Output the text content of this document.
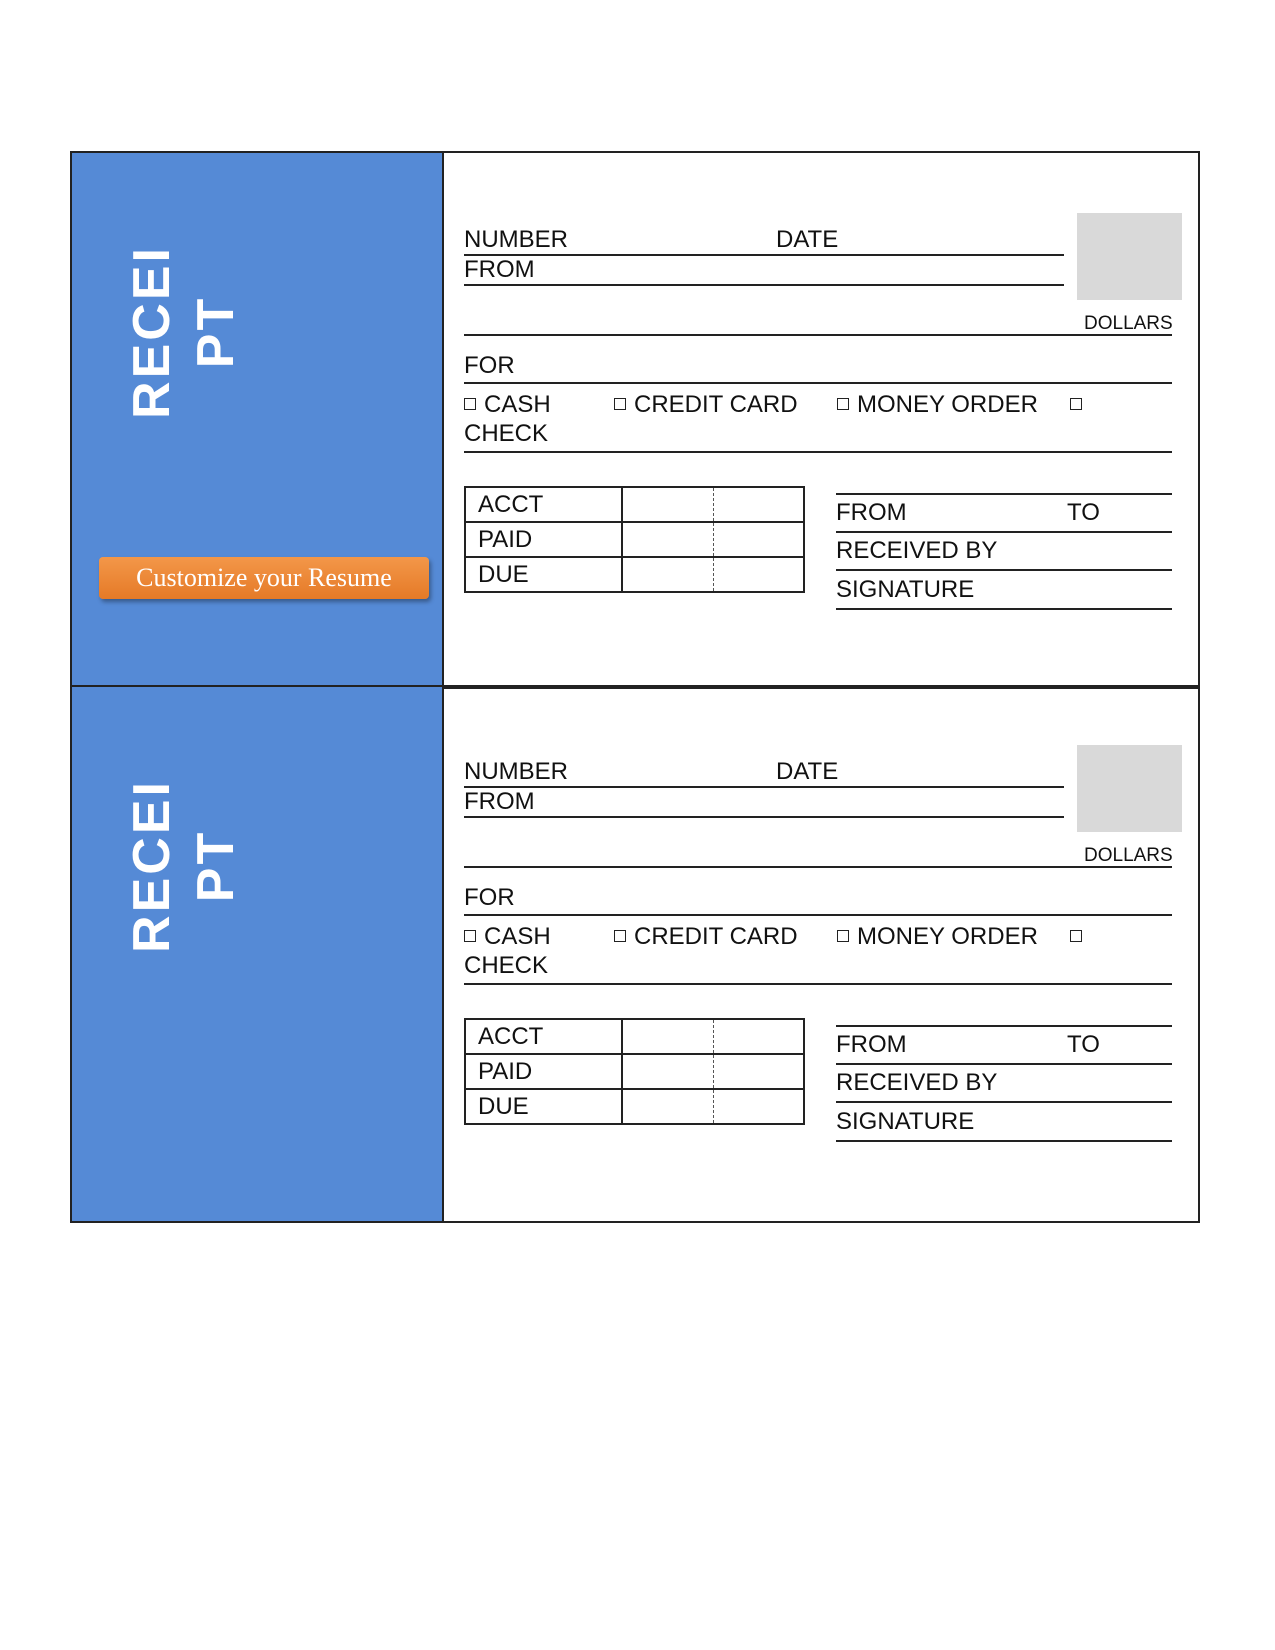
RECEI PT
Customize your Resume
NUMBER	DATE
FROM
DOLLARS
FOR
CASH	CREDIT CARD	MONEY ORDER
CHECK
ACCT	
PAID	
DUE	
FROM	TO
RECEIVED BY
SIGNATURE
RECEI PT
NUMBER	DATE
FROM
DOLLARS
FOR
CASH	CREDIT CARD	MONEY ORDER
CHECK
ACCT	
PAID	
DUE	
FROM	TO
RECEIVED BY
SIGNATURE
